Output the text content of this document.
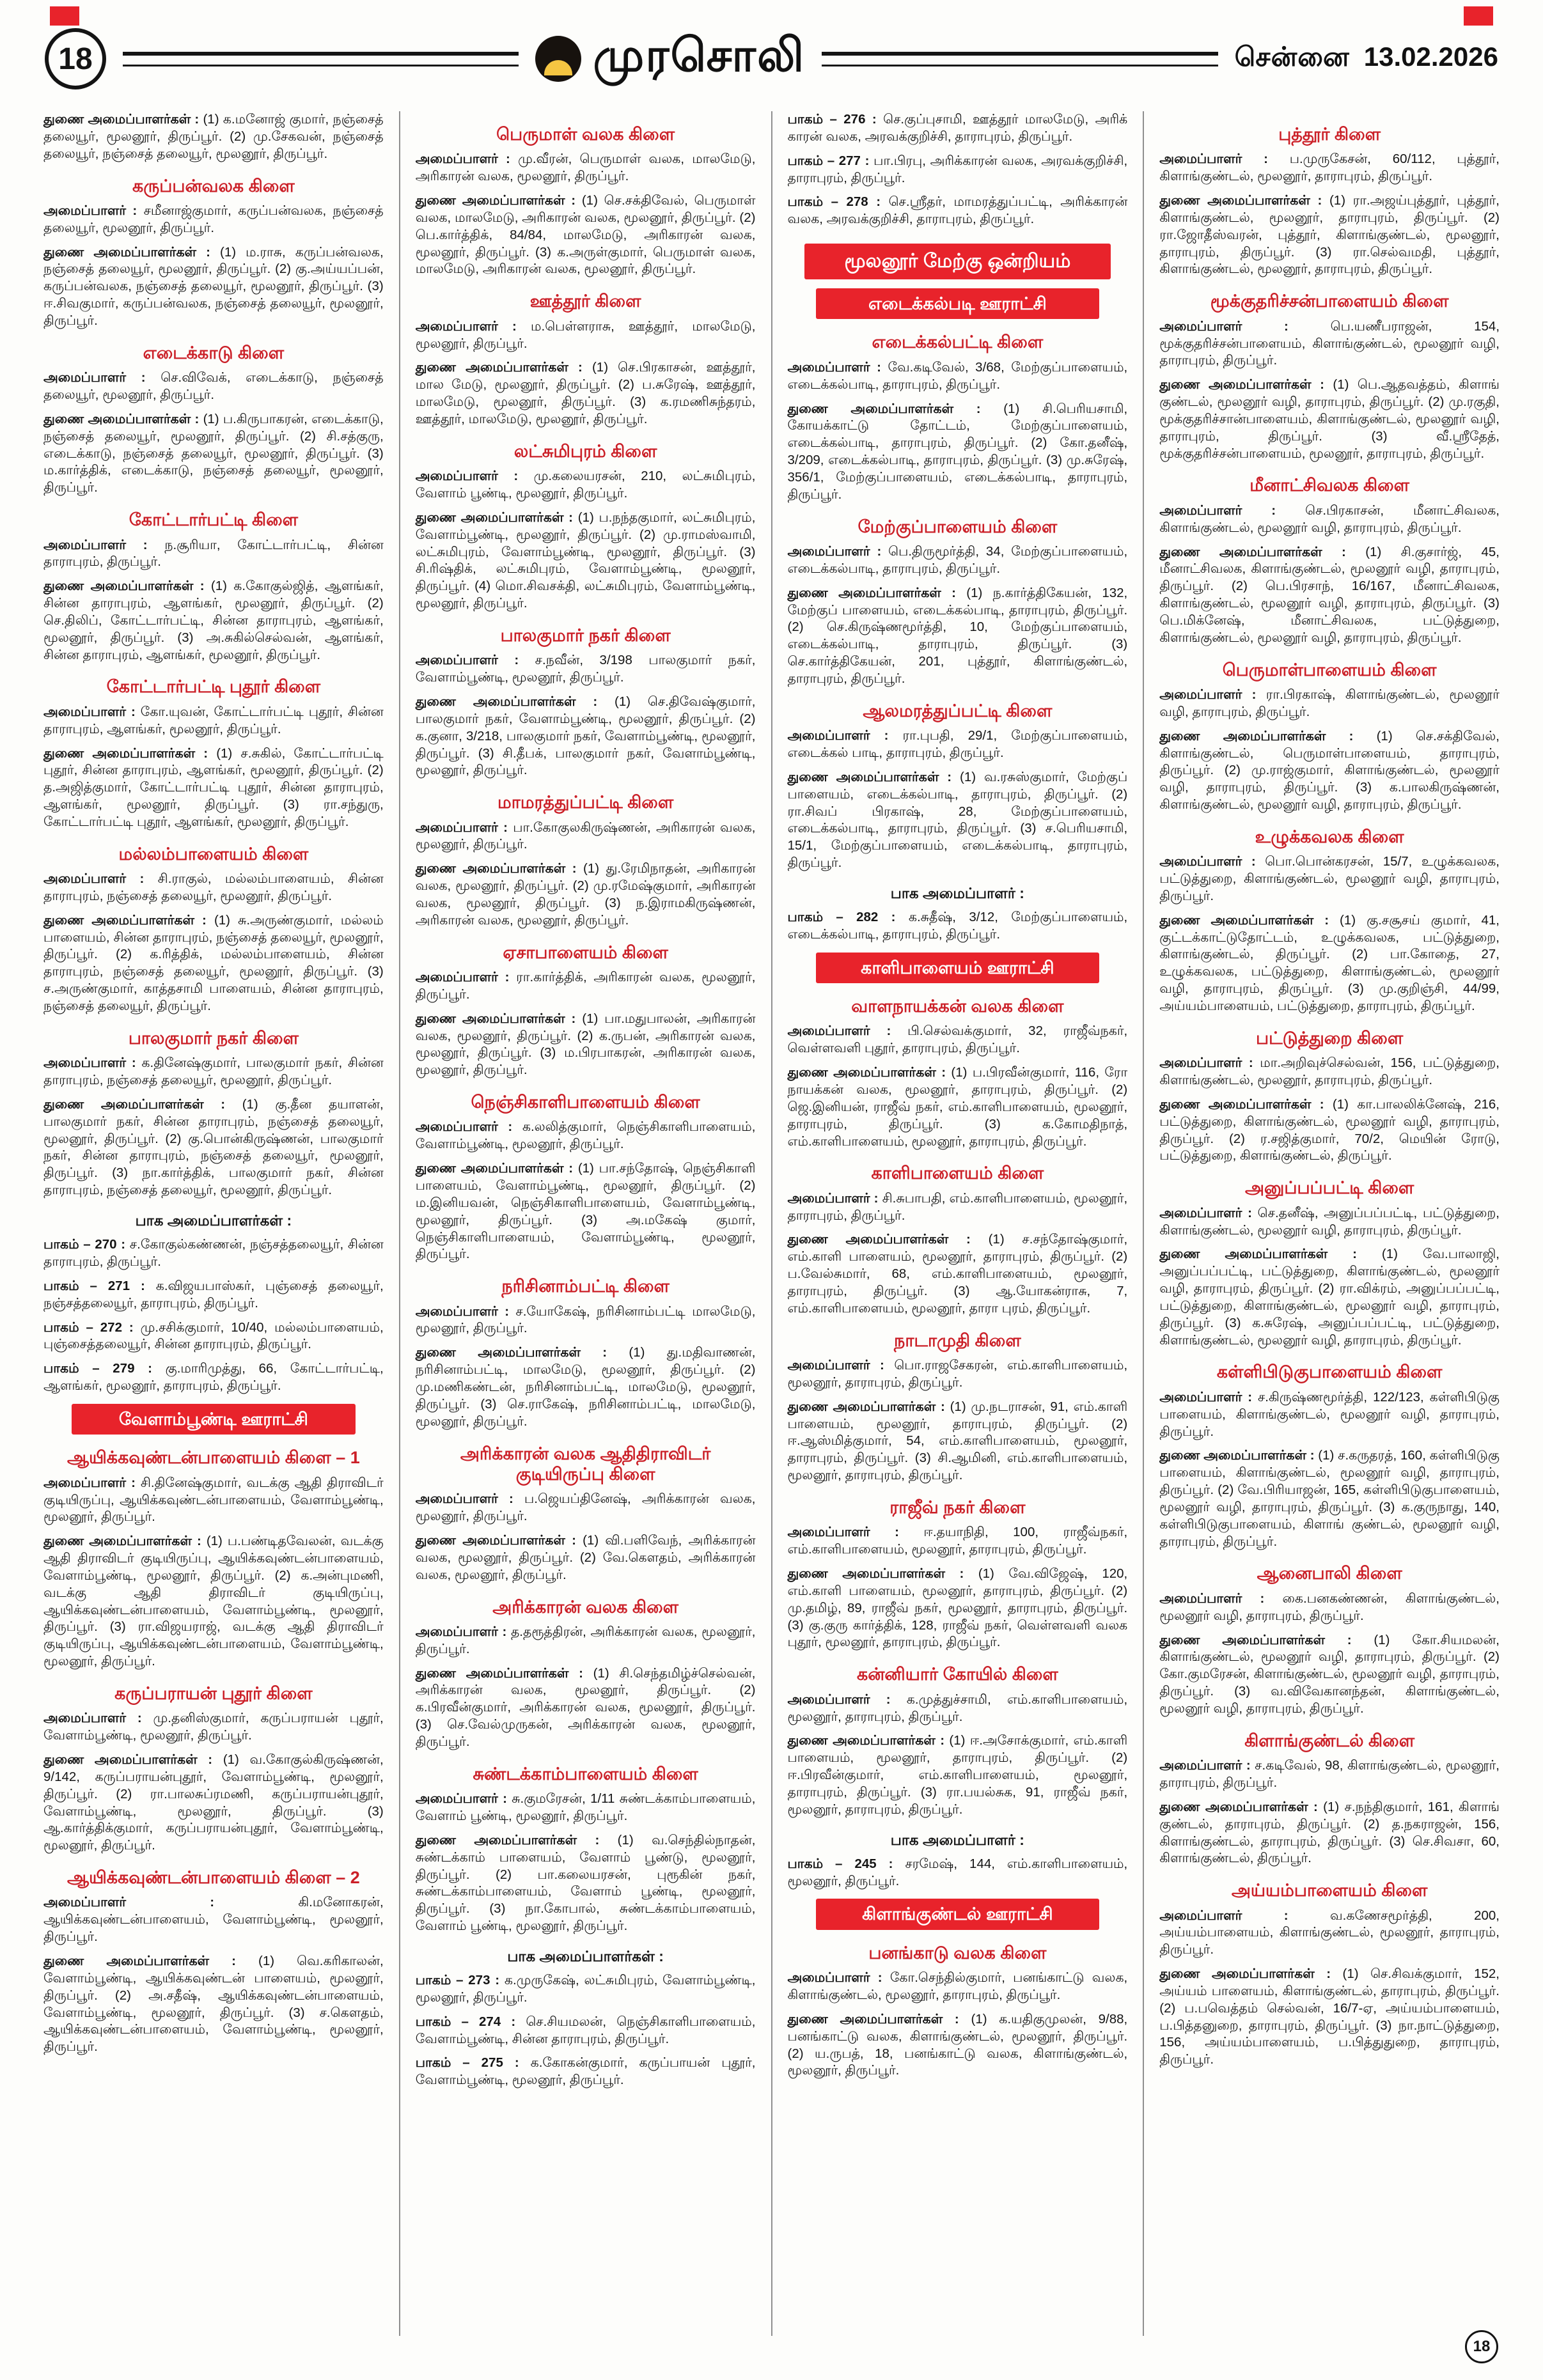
18	முரசொலி	சென்னை 13.02.2026

துணை அமைப்பாளர்கள் : (1) க.மனோஜ் குமார், நஞ்சைத் தலையூர், மூலனூர், திருப்பூர். (2) மு.சேகவன், நஞ்சைத் தலையூர், நஞ்சைத் தலையூர், மூலனூர், திருப்பூர்.

கருப்பன்வலக கிளை

அமைப்பாளர் : சமீனாஜ்குமார், கருப்பன்வலக, நஞ்சைத் தலையூர், மூலனூர், திருப்பூர்.

துணை அமைப்பாளர்கள் : (1) ம.ராசு, கருப்பன்வலக, நஞ்சைத் தலையூர், மூலனூர், திருப்பூர். (2) கு.அய்யப்பன், கருப்பன்வலக, நஞ்சைத் தலையூர், மூலனூர், திருப்பூர். (3) ஈ.சிவகுமார், கருப்பன்வலக, நஞ்சைத் தலையூர், மூலனூர், திருப்பூர்.

எடைக்காடு கிளை

அமைப்பாளர் : செ.விவேக், எடைக்காடு, நஞ்சைத் தலையூர், மூலனூர், திருப்பூர்.

துணை அமைப்பாளர்கள் : (1) ப.கிருபாகரன், எடைக்காடு, நஞ்சைத் தலையூர், மூலனூர், திருப்பூர். (2) சி.சத்குரு, எடைக்காடு, நஞ்சைத் தலையூர், மூலனூர், திருப்பூர். (3) ம.கார்த்திக், எடைக்காடு, நஞ்சைத் தலையூர், மூலனூர், திருப்பூர்.

கோட்டார்பட்டி கிளை

அமைப்பாளர் : ந.சூரியா, கோட்டார்பட்டி, சின்ன தாராபுரம், திருப்பூர்.

துணை அமைப்பாளர்கள் : (1) க.கோகுல்ஜித், ஆளங்கர், சின்ன தாராபுரம், ஆளங்கர், மூலனூர், திருப்பூர். (2) செ.திலிப், கோட்டார்பட்டி, சின்ன தாராபுரம், ஆளங்கர், மூலனூர், திருப்பூர். (3) அ.சுகில்செல்வன், ஆளங்கர், சின்ன தாராபுரம், ஆளங்கர், மூலனூர், திருப்பூர்.

கோட்டார்பட்டி புதூர் கிளை

அமைப்பாளர் : கோ.யுவன், கோட்டார்பட்டி புதூர், சின்ன தாராபுரம், ஆளங்கர், மூலனூர், திருப்பூர்.

துணை அமைப்பாளர்கள் : (1) ச.சுகில், கோட்டார்பட்டி புதூர், சின்ன தாராபுரம், ஆளங்கர், மூலனூர், திருப்பூர். (2) த.அஜித்குமார், கோட்டார்பட்டி புதூர், சின்ன தாராபுரம், ஆளங்கர், மூலனூர், திருப்பூர். (3) ரா.சந்துரு, கோட்டார்பட்டி புதூர், ஆளங்கர், மூலனூர், திருப்பூர்.

மல்லம்பாளையம் கிளை

அமைப்பாளர் : சி.ராகுல், மல்லம்பாளையம், சின்ன தாராபுரம், நஞ்சைத் தலையூர், மூலனூர், திருப்பூர்.

துணை அமைப்பாளர்கள் : (1) சு.அருண்குமார், மல்லம் பாளையம், சின்ன தாராபுரம், நஞ்சைத் தலையூர், மூலனூர், திருப்பூர். (2) க.ரித்திக், மல்லம்பாளையம், சின்ன தாராபுரம், நஞ்சைத் தலையூர், மூலனூர், திருப்பூர். (3) ச.அருண்குமார், காத்தசாமி பாளையம், சின்ன தாராபுரம், நஞ்சைத் தலையூர், திருப்பூர்.

பாலகுமார் நகர் கிளை

அமைப்பாளர் : க.தினேஷ்குமார், பாலகுமார் நகர், சின்ன தாராபுரம், நஞ்சைத் தலையூர், மூலனூர், திருப்பூர்.

துணை அமைப்பாளர்கள் : (1) கு.தீன தயாளன், பாலகுமார் நகர், சின்ன தாராபுரம், நஞ்சைத் தலையூர், மூலனூர், திருப்பூர். (2) கு.பொன்கிருஷ்ணன், பாலகுமார் நகர், சின்ன தாராபுரம், நஞ்சைத் தலையூர், மூலனூர், திருப்பூர். (3) நா.கார்த்திக், பாலகுமார் நகர், சின்ன தாராபுரம், நஞ்சைத் தலையூர், மூலனூர், திருப்பூர்.

பாக அமைப்பாளர்கள் :

பாகம் – 270 : ச.கோகுல்கண்ணன், நஞ்சத்தலையூர், சின்ன தாராபுரம், திருப்பூர்.

பாகம் – 271 : க.விஜயபாஸ்கர், புஞ்சைத் தலையூர், நஞ்சத்தலையூர், தாராபுரம், திருப்பூர்.

பாகம் – 272 : மு.சசிக்குமார், 10/40, மல்லம்பாளையம், புஞ்சைத்தலையூர், சின்ன தாராபுரம், திருப்பூர்.

பாகம் – 279 : கு.மாரிமுத்து, 66, கோட்டார்பட்டி, ஆளங்கர், மூலனூர், தாராபுரம், திருப்பூர்.

வேளாம்பூண்டி ஊராட்சி
ஆயிக்கவுண்டன்பாளையம் கிளை – 1

அமைப்பாளர் : சி.தினேஷ்குமார், வடக்கு ஆதி திராவிடர் குடியிருப்பு, ஆயிக்கவுண்டன்பாளையம், வேளாம்பூண்டி, மூலனூர், திருப்பூர்.

துணை அமைப்பாளர்கள் : (1) ப.பண்டிதவேலன், வடக்கு ஆதி திராவிடர் குடியிருப்பு, ஆயிக்கவுண்டன்பாளையம், வேளாம்பூண்டி, மூலனூர், திருப்பூர். (2) க.அன்புமணி, வடக்கு ஆதி திராவிடர் குடியிருப்பு, ஆயிக்கவுண்டன்பாளையம், வேளாம்பூண்டி, மூலனூர், திருப்பூர். (3) ரா.விஜயராஜ், வடக்கு ஆதி திராவிடர் குடியிருப்பு, ஆயிக்கவுண்டன்பாளையம், வேளாம்பூண்டி, மூலனூர், திருப்பூர்.

கருப்பராயன் புதூர் கிளை

அமைப்பாளர் : மு.தனிஸ்குமார், கருப்பராயன் புதூர், வேளாம்பூண்டி, மூலனூர், திருப்பூர்.

துணை அமைப்பாளர்கள் : (1) வ.கோகுல்கிருஷ்ணன், 9/142, கருப்பராயன்புதூர், வேளாம்பூண்டி, மூலனூர், திருப்பூர். (2) ரா.பாலசுப்ரமணி, கருப்பராயன்புதூர், வேளாம்பூண்டி, மூலனூர், திருப்பூர். (3) ஆ.கார்த்திக்குமார், கருப்பராயன்புதூர், வேளாம்பூண்டி, மூலனூர், திருப்பூர்.

ஆயிக்கவுண்டன்பாளையம் கிளை – 2

அமைப்பாளர் : கி.மனோகரன், ஆயிக்கவுண்டன்பாளையம், வேளாம்பூண்டி, மூலனூர், திருப்பூர்.

துணை அமைப்பாளர்கள் : (1) வெ.கரிகாலன், வேளாம்பூண்டி, ஆயிக்கவுண்டன் பாளையம், மூலனூர், திருப்பூர். (2) அ.சதீஷ், ஆயிக்கவுண்டன்பாளையம், வேளாம்பூண்டி, மூலனூர், திருப்பூர். (3) ச.கௌதம், ஆயிக்கவுண்டன்பாளையம், வேளாம்பூண்டி, மூலனூர், திருப்பூர்.

பெருமாள் வலக கிளை

அமைப்பாளர் : மு.வீரன், பெருமாள் வலக, மாலமேடு, அரிகாரன் வலக, மூலனூர், திருப்பூர்.

துணை அமைப்பாளர்கள் : (1) செ.சக்திவேல், பெருமாள் வலக, மாலமேடு, அரிகாரன் வலக, மூலனூர், திருப்பூர். (2) பெ.கார்த்திக், 84/84, மாலமேடு, அரிகாரன் வலக, மூலனூர், திருப்பூர். (3) க.அருள்குமார், பெருமாள் வலக, மாலமேடு, அரிகாரன் வலக, மூலனூர், திருப்பூர்.

ஊத்தூர் கிளை

அமைப்பாளர் : ம.பெள்ளராசு, ஊத்தூர், மாலமேடு, மூலனூர், திருப்பூர்.

துணை அமைப்பாளர்கள் : (1) செ.பிரகாசன், ஊத்தூர், மால மேடு, மூலனூர், திருப்பூர். (2) ப.சுரேஷ், ஊத்தூர், மாலமேடு, மூலனூர், திருப்பூர். (3) க.ரமணிசுந்தரம், ஊத்தூர், மாலமேடு, மூலனூர், திருப்பூர்.

லட்சுமிபுரம் கிளை

அமைப்பாளர் : மு.கலையரசன், 210, லட்சுமிபுரம், வேளாம் பூண்டி, மூலனூர், திருப்பூர்.

துணை அமைப்பாளர்கள் : (1) ப.நந்தகுமார், லட்சுமிபுரம், வேளாம்பூண்டி, மூலனூர், திருப்பூர். (2) மு.ராமஸ்வாமி, லட்சுமிபுரம், வேளாம்பூண்டி, மூலனூர், திருப்பூர். (3) சி.ரிஷ்திக், லட்சுமிபுரம், வேளாம்பூண்டி, மூலனூர், திருப்பூர். (4) மொ.சிவசக்தி, லட்சுமிபுரம், வேளாம்பூண்டி, மூலனூர், திருப்பூர்.

பாலகுமார் நகர் கிளை

அமைப்பாளர் : ச.நவீன், 3/198 பாலகுமார் நகர், வேளாம்பூண்டி, மூலனூர், திருப்பூர்.

துணை அமைப்பாளர்கள் : (1) செ.திவேஷ்குமார், பாலகுமார் நகர், வேளாம்பூண்டி, மூலனூர், திருப்பூர். (2) க.குனா, 3/218, பாலகுமார் நகர், வேளாம்பூண்டி, மூலனூர், திருப்பூர். (3) சி.தீபக், பாலகுமார் நகர், வேளாம்பூண்டி, மூலனூர், திருப்பூர்.

மாமரத்துப்பட்டி கிளை

அமைப்பாளர் : பா.கோகுலகிருஷ்ணன், அரிகாரன் வலக, மூலனூர், திருப்பூர்.

துணை அமைப்பாளர்கள் : (1) து.ரேமிநாதன், அரிகாரன் வலக, மூலனூர், திருப்பூர். (2) மு.ரமேஷ்குமார், அரிகாரன் வலக, மூலனூர், திருப்பூர். (3) ந.இராமகிருஷ்ணன், அரிகாரன் வலக, மூலனூர், திருப்பூர்.

ஏசாபாளையம் கிளை

அமைப்பாளர் : ரா.கார்த்திக், அரிகாரன் வலக, மூலனூர், திருப்பூர்.

துணை அமைப்பாளர்கள் : (1) பா.மதுபாலன், அரிகாரன் வலக, மூலனூர், திருப்பூர். (2) க.ருபன், அரிகாரன் வலக, மூலனூர், திருப்பூர். (3) ம.பிரபாகரன், அரிகாரன் வலக, மூலனூர், திருப்பூர்.

நெஞ்சிகாளிபாளையம் கிளை

அமைப்பாளர் : க.லலித்குமார், நெஞ்சிகாளிபாளையம், வேளாம்பூண்டி, மூலனூர், திருப்பூர்.

துணை அமைப்பாளர்கள் : (1) பா.சந்தோஷ், நெஞ்சிகாளி பாளையம், வேளாம்பூண்டி, மூலனூர், திருப்பூர். (2) ம.இனியவன், நெஞ்சிகாளிபாளையம், வேளாம்பூண்டி, மூலனூர், திருப்பூர். (3) அ.மகேஷ் குமார், நெஞ்சிகாளிபாளையம், வேளாம்பூண்டி, மூலனூர், திருப்பூர்.

நரிசினாம்பட்டி கிளை

அமைப்பாளர் : ச.யோகேஷ், நரிசினாம்பட்டி மாலமேடு, மூலனூர், திருப்பூர்.

துணை அமைப்பாளர்கள் : (1) து.மதிவாணன், நரிசினாம்பட்டி, மாலமேடு, மூலனூர், திருப்பூர். (2) மு.மணிகண்டன், நரிசினாம்பட்டி, மாலமேடு, மூலனூர், திருப்பூர். (3) செ.ராகேஷ், நரிசினாம்பட்டி, மாலமேடு, மூலனூர், திருப்பூர்.

அரிக்காரன் வலக ஆதிதிராவிடர் குடியிருப்பு கிளை

அமைப்பாளர் : ப.ஜெயப்தினேஷ், அரிக்காரன் வலக, மூலனூர், திருப்பூர்.

துணை அமைப்பாளர்கள் : (1) வி.பளிவேந், அரிக்காரன் வலக, மூலனூர், திருப்பூர். (2) வே.கௌதம், அரிக்காரன் வலக, மூலனூர், திருப்பூர்.

அரிக்காரன் வலக கிளை

அமைப்பாளர் : த.தரூத்திரன், அரிக்காரன் வலக, மூலனூர், திருப்பூர்.

துணை அமைப்பாளர்கள் : (1) சி.செந்தமிழ்ச்செல்வன், அரிக்காரன் வலக, மூலனூர், திருப்பூர். (2) க.பிரவீன்குமார், அரிக்காரன் வலக, மூலனூர், திருப்பூர். (3) செ.வேல்முருகன், அரிக்காரன் வலக, மூலனூர், திருப்பூர்.

சுண்டக்காம்பாளையம் கிளை

அமைப்பாளர் : சு.குமரேசன், 1/11 சுண்டக்காம்பாளையம், வேளாம் பூண்டி, மூலனூர், திருப்பூர்.

துணை அமைப்பாளர்கள் : (1) வ.செந்தில்நாதன், சுண்டக்காம் பாளையம், வேளாம் பூண்டு, மூலனூர், திருப்பூர். (2) பா.கலையரசன், புரூகின் நகர், சுண்டக்காம்பாளையம், வேளாம் பூண்டி, மூலனூர், திருப்பூர். (3) நா.கோபால், சுண்டக்காம்பாளையம், வேளாம் பூண்டி, மூலனூர், திருப்பூர்.

பாக அமைப்பாளர்கள் :

பாகம் – 273 : க.முருகேஷ், லட்சுமிபுரம், வேளாம்பூண்டி, மூலனூர், திருப்பூர்.

பாகம் – 274 : செ.சியமலன், நெஞ்சிகாளிபாளையம், வேளாம்பூண்டி, சின்ன தாராபுரம், திருப்பூர்.

பாகம் – 275 : க.கோகன்குமார், கருப்பாயன் புதூர், வேளாம்பூண்டி, மூலனூர், திருப்பூர்.

பாகம் – 276 : செ.குப்புசாமி, ஊத்தூர் மாலமேடு, அரிக் காரன் வலக, அரவக்குறிச்சி, தாராபுரம், திருப்பூர்.

பாகம் – 277 : பா.பிரபு, அரிக்காரன் வலக, அரவக்குறிச்சி, தாராபுரம், திருப்பூர்.

பாகம் – 278 : செ.ஸ்ரீதர், மாமரத்துப்பட்டி, அரிக்காரன் வலக, அரவக்குறிச்சி, தாராபுரம், திருப்பூர்.

மூலனூர் மேற்கு ஒன்றியம்
எடைக்கல்படி ஊராட்சி
எடைக்கல்பட்டி கிளை

அமைப்பாளர் : வே.கடிவேல், 3/68, மேற்குப்பாளையம், எடைக்கல்பாடி, தாராபுரம், திருப்பூர்.

துணை அமைப்பாளர்கள் : (1) சி.பெரியசாமி, கோயக்காட்டு தோட்டம், மேற்குப்பாளையம், எடைக்கல்பாடி, தாராபுரம், திருப்பூர். (2) கோ.தனீஷ், 3/209, எடைக்கல்பாடி, தாராபுரம், திருப்பூர். (3) மு.சுரேஷ், 356/1, மேற்குப்பாளையம், எடைக்கல்பாடி, தாராபுரம், திருப்பூர்.

மேற்குப்பாளையம் கிளை

அமைப்பாளர் : பெ.திருமூர்த்தி, 34, மேற்குப்பாளையம், எடைக்கல்பாடி, தாராபுரம், திருப்பூர்.

துணை அமைப்பாளர்கள் : (1) ந.கார்த்திகேயன், 132, மேற்குப் பாளையம், எடைக்கல்பாடி, தாராபுரம், திருப்பூர். (2) செ.கிருஷ்ணமூர்த்தி, 10, மேற்குப்பாளையம், எடைக்கல்பாடி, தாராபுரம், திருப்பூர். (3) செ.கார்த்திகேயன், 201, புத்தூர், கிளாங்குண்டல், தாராபுரம், திருப்பூர்.

ஆலமரத்துப்பட்டி கிளை

அமைப்பாளர் : ரா.புபதி, 29/1, மேற்குப்பாளையம், எடைக்கல் பாடி, தாராபுரம், திருப்பூர்.

துணை அமைப்பாளர்கள் : (1) வ.ரசுஸ்குமார், மேற்குப் பாளையம், எடைக்கல்பாடி, தாராபுரம், திருப்பூர். (2) ரா.சிவப் பிரகாஷ், 28, மேற்குப்பாளையம், எடைக்கல்பாடி, தாராபுரம், திருப்பூர். (3) ச.பெரியசாமி, 15/1, மேற்குப்பாளையம், எடைக்கல்பாடி, தாராபுரம், திருப்பூர்.

பாக அமைப்பாளர் :

பாகம் – 282 : க.சுதீஷ், 3/12, மேற்குப்பாளையம், எடைக்கல்பாடி, தாராபுரம், திருப்பூர்.

காளிபாளையம் ஊராட்சி
வாளநாயக்கன் வலக கிளை

அமைப்பாளர் : பி.செல்வக்குமார், 32, ராஜீவ்நகர், வெள்ளவளி புதூர், தாராபுரம், திருப்பூர்.

துணை அமைப்பாளர்கள் : (1) ப.பிரவீன்குமார், 116, ரோ நாயக்கன் வலக, மூலனூர், தாராபுரம், திருப்பூர். (2) ஜெ.இனியன், ராஜீவ் நகர், எம்.காளிபாளையம், மூலனூர், தாராபுரம், திருப்பூர். (3) க.கோமதிநாத், எம்.காளிபாளையம், மூலனூர், தாராபுரம், திருப்பூர்.

காளிபாளையம் கிளை

அமைப்பாளர் : சி.சுபாபதி, எம்.காளிபாளையம், மூலனூர், தாராபுரம், திருப்பூர்.

துணை அமைப்பாளர்கள் : (1) ச.சந்தோஷ்குமார், எம்.காளி பாளையம், மூலனூர், தாராபுரம், திருப்பூர். (2) ப.வேல்சுமார், 68, எம்.காளிபாளையம், மூலனூர், தாராபுரம், திருப்பூர். (3) ஆ.யோகன்ராசு, 7, எம்.காளிபாளையம், மூலனூர், தாரா புரம், திருப்பூர்.

நாடாமுதி கிளை

அமைப்பாளர் : பொ.ராஜசேகரன், எம்.காளிபாளையம், மூலனூர், தாராபுரம், திருப்பூர்.

துணை அமைப்பாளர்கள் : (1) மு.நடராசன், 91, எம்.காளி பாளையம், மூலனூர், தாராபுரம், திருப்பூர். (2) ஈ.ஆஸ்மித்குமார், 54, எம்.காளிபாளையம், மூலனூர், தாராபுரம், திருப்பூர். (3) சி.ஆமினி, எம்.காளிபாளையம், மூலனூர், தாராபுரம், திருப்பூர்.

ராஜீவ் நகர் கிளை

அமைப்பாளர் : ஈ.தயாநிதி, 100, ராஜீவ்நகர், எம்.காளிபாளையம், மூலனூர், தாராபுரம், திருப்பூர்.

துணை அமைப்பாளர்கள் : (1) வே.விஜேஷ், 120, எம்.காளி பாளையம், மூலனூர், தாராபுரம், திருப்பூர். (2) மு.தமிழ், 89, ராஜீவ் நகர், மூலனூர், தாராபுரம், திருப்பூர். (3) கு.குரு கார்த்திக், 128, ராஜீவ் நகர், வெள்ளவளி வலக புதூர், மூலனூர், தாராபுரம், திருப்பூர்.

கன்னியார் கோயில் கிளை

அமைப்பாளர் : க.முத்துச்சாமி, எம்.காளிபாளையம், மூலனூர், தாராபுரம், திருப்பூர்.

துணை அமைப்பாளர்கள் : (1) ஈ.அசோக்குமார், எம்.காளி பாளையம், மூலனூர், தாராபுரம், திருப்பூர். (2) ஈ.பிரவீன்குமார், எம்.காளிபாளையம், மூலனூர், தாராபுரம், திருப்பூர். (3) ரா.பயல்சுக, 91, ராஜீவ் நகர், மூலனூர், தாராபுரம், திருப்பூர்.

பாக அமைப்பாளர் :

பாகம் – 245 : சரமேஷ், 144, எம்.காளிபாளையம், மூலனூர், திருப்பூர்.

கிளாங்குண்டல் ஊராட்சி
பனங்காடு வலக கிளை

அமைப்பாளர் : கோ.செந்தில்குமார், பனங்காட்டு வலக, கிளாங்குண்டல், மூலனூர், தாராபுரம், திருப்பூர்.

துணை அமைப்பாளர்கள் : (1) க.யதிகுமுலன், 9/88, பனங்காட்டு வலக, கிளாங்குண்டல், மூலனூர், திருப்பூர். (2) ய.ருபத், 18, பனங்காட்டு வலக, கிளாங்குண்டல், மூலனூர், திருப்பூர்.

புத்தூர் கிளை

அமைப்பாளர் : ப.முருகேசன், 60/112, புத்தூர், கிளாங்குண்டல், மூலனூர், தாராபுரம், திருப்பூர்.

துணை அமைப்பாளர்கள் : (1) ரா.அஜய்புத்தூர், புத்தூர், கிளாங்குண்டல், மூலனூர், தாராபுரம், திருப்பூர். (2) ரா.ஜோதீஸ்வரன், புத்தூர், கிளாங்குண்டல், மூலனூர், தாராபுரம், திருப்பூர். (3) ரா.செல்வமதி, புத்தூர், கிளாங்குண்டல், மூலனூர், தாராபுரம், திருப்பூர்.

மூக்குதரிச்சன்பாளையம் கிளை

அமைப்பாளர் : பெ.யணீபராஜன், 154, மூக்குதரிச்சன்பாளையம், கிளாங்குண்டல், மூலனூர் வழி, தாராபுரம், திருப்பூர்.

துணை அமைப்பாளர்கள் : (1) பெ.ஆதவத்தம், கிளாங் குண்டல், மூலனூர் வழி, தாராபுரம், திருப்பூர். (2) மு.ரகுதி, மூக்குதரிச்சான்பாளையம், கிளாங்குண்டல், மூலனூர் வழி, தாராபுரம், திருப்பூர். (3) வீ.ஸ்ரீதேத், மூக்குதரிச்சன்பாளையம், மூலனூர், தாராபுரம், திருப்பூர்.

மீனாட்சிவலக கிளை

அமைப்பாளர் : செ.பிரகாசன், மீனாட்சிவலக, கிளாங்குண்டல், மூலனூர் வழி, தாராபுரம், திருப்பூர்.

துணை அமைப்பாளர்கள் : (1) சி.குசார்ஜ், 45, மீனாட்சிவலக, கிளாங்குண்டல், மூலனூர் வழி, தாராபுரம், திருப்பூர். (2) பெ.பிரசாந், 16/167, மீனாட்சிவலக, கிளாங்குண்டல், மூலனூர் வழி, தாராபுரம், திருப்பூர். (3) பெ.மிக்னேஷ், மீனாட்சிவலக, பட்டுத்துறை, கிளாங்குண்டல், மூலனூர் வழி, தாராபுரம், திருப்பூர்.

பெருமாள்பாளையம் கிளை

அமைப்பாளர் : ரா.பிரகாஷ், கிளாங்குண்டல், மூலனூர் வழி, தாராபுரம், திருப்பூர்.

துணை அமைப்பாளர்கள் : (1) செ.சக்திவேல், கிளாங்குண்டல், பெருமாள்பாளையம், தாராபுரம், திருப்பூர். (2) மு.ராஜ்குமார், கிளாங்குண்டல், மூலனூர் வழி, தாராபுரம், திருப்பூர். (3) க.பாலகிருஷ்ணன், கிளாங்குண்டல், மூலனூர் வழி, தாராபுரம், திருப்பூர்.

உழுக்கவலக கிளை

அமைப்பாளர் : பொ.பொன்கரசன், 15/7, உழுக்கவலக, பட்டுத்துறை, கிளாங்குண்டல், மூலனூர் வழி, தாராபுரம், திருப்பூர்.

துணை அமைப்பாளர்கள் : (1) கு.சசூசய் குமார், 41, குட்டக்காட்டுதோட்டம், உழுக்கவலக, பட்டுத்துறை, கிளாங்குண்டல், திருப்பூர். (2) பா.கோதை, 27, உழுக்கவலக, பட்டுத்துறை, கிளாங்குண்டல், மூலனூர் வழி, தாராபுரம், திருப்பூர். (3) மு.குறிஞ்சி, 44/99, அய்யம்பாளையம், பட்டுத்துறை, தாராபுரம், திருப்பூர்.

பட்டுத்துறை கிளை

அமைப்பாளர் : மா.அறிவுச்செல்வன், 156, பட்டுத்துறை, கிளாங்குண்டல், மூலனூர், தாராபுரம், திருப்பூர்.

துணை அமைப்பாளர்கள் : (1) கா.பாலலிக்னேஷ், 216, பட்டுத்துறை, கிளாங்குண்டல், மூலனூர் வழி, தாராபுரம், திருப்பூர். (2) ர.சஜித்குமார், 70/2, மெயின் ரோடு, பட்டுத்துறை, கிளாங்குண்டல், திருப்பூர்.

அனுப்பப்பட்டி கிளை

அமைப்பாளர் : செ.தனீஷ், அனுப்பப்பட்டி, பட்டுத்துறை, கிளாங்குண்டல், மூலனூர் வழி, தாராபுரம், திருப்பூர்.

துணை அமைப்பாளர்கள் : (1) வே.பாலாஜி, அனுப்பப்பட்டி, பட்டுத்துறை, கிளாங்குண்டல், மூலனூர் வழி, தாராபுரம், திருப்பூர். (2) ரா.விக்ரம், அனுப்பப்பட்டி, பட்டுத்துறை, கிளாங்குண்டல், மூலனூர் வழி, தாராபுரம், திருப்பூர். (3) க.சுரேஷ், அனுப்பப்பட்டி, பட்டுத்துறை, கிளாங்குண்டல், மூலனூர் வழி, தாராபுரம், திருப்பூர்.

கள்ளிபிடுகுபாளையம் கிளை

அமைப்பாளர் : ச.கிருஷ்ணமூர்த்தி, 122/123, கள்ளிபிடுகு பாளையம், கிளாங்குண்டல், மூலனூர் வழி, தாராபுரம், திருப்பூர்.

துணை அமைப்பாளர்கள் : (1) ச.கருதரத், 160, கள்ளிபிடுகு பாளையம், கிளாங்குண்டல், மூலனூர் வழி, தாராபுரம், திருப்பூர். (2) வே.பிரியாஜன், 165, கள்ளிபிடுகுபாளையம், மூலனூர் வழி, தாராபுரம், திருப்பூர். (3) க.குருநாது, 140, கள்ளிபிடுகுபாளையம், கிளாங் குண்டல், மூலனூர் வழி, தாராபுரம், திருப்பூர்.

ஆனைபாலி கிளை

அமைப்பாளர் : கை.பனகண்ணன், கிளாங்குண்டல், மூலனூர் வழி, தாராபுரம், திருப்பூர்.

துணை அமைப்பாளர்கள் : (1) கோ.சியமலன், கிளாங்குண்டல், மூலனூர் வழி, தாராபுரம், திருப்பூர். (2) கோ.குமரேசன், கிளாங்குண்டல், மூலனூர் வழி, தாராபுரம், திருப்பூர். (3) வ.விவேகானந்தன், கிளாங்குண்டல், மூலனூர் வழி, தாராபுரம், திருப்பூர்.

கிளாங்குண்டல் கிளை

அமைப்பாளர் : ச.கடிவேல், 98, கிளாங்குண்டல், மூலனூர், தாராபுரம், திருப்பூர்.

துணை அமைப்பாளர்கள் : (1) ச.நந்திகுமார், 161, கிளாங் குண்டல், தாராபுரம், திருப்பூர். (2) த.நகராஜன், 156, கிளாங்குண்டல், தாராபுரம், திருப்பூர். (3) செ.சிவசா, 60, கிளாங்குண்டல், திருப்பூர்.

அய்யம்பாளையம் கிளை

அமைப்பாளர் : வ.கணேசமூர்த்தி, 200, அய்யம்பாளையம், கிளாங்குண்டல், மூலனூர், தாராபுரம், திருப்பூர்.

துணை அமைப்பாளர்கள் : (1) செ.சிவக்குமார், 152, அய்யம் பாளையம், கிளாங்குண்டல், தாராபுரம், திருப்பூர். (2) ப.பவெத்தம் செல்வன், 16/7-ஏ, அய்யம்பாளையம், ப.பித்தனுறை, தாராபுரம், திருப்பூர். (3) நா.நாட்டுத்துறை, 156, அய்யம்பாளையம், ப.பித்துதுறை, தாராபுரம், திருப்பூர்.

18
